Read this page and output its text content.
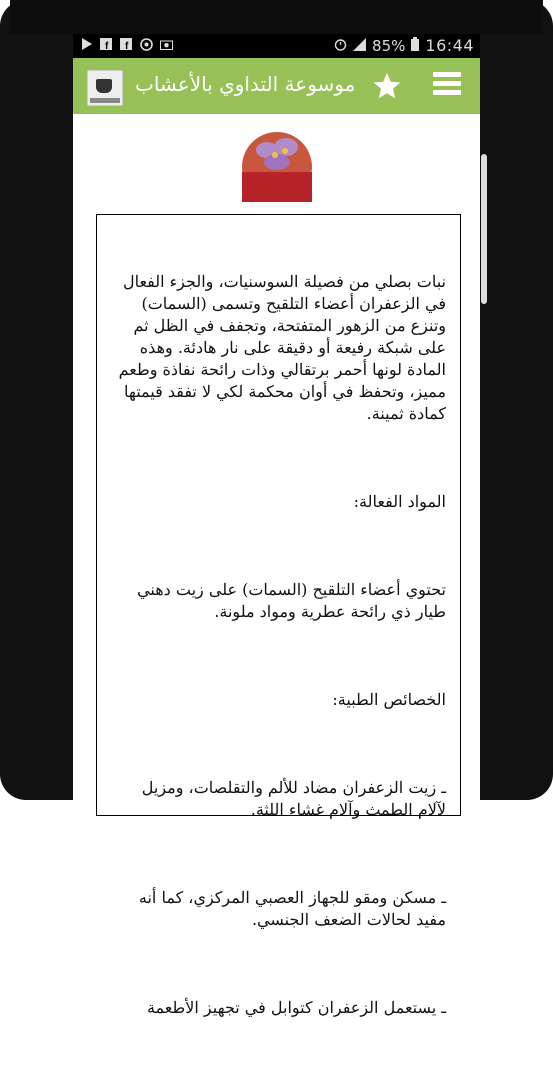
f f	85% 16:44
موسوعة التداوي بالأعشاب

نبات بصلي من فصيلة السوسنيات، والجزء الفعال في الزعفران أعضاء التلقيح وتسمى (السمات) وتنزع من الزهور المتفتحة، وتجفف في الظل ثم على شبكة رفيعة أو دقيقة على نار هادئة. وهذه المادة لونها أحمر برتقالي وذات رائحة نفاذة وطعم مميز، وتحفظ في أوان محكمة لكي لا تفقد قيمتها كمادة ثمينة.

المواد الفعالة:

تحتوي أعضاء التلقيح (السمات) على زيت دهني طيار ذي رائحة عطرية ومواد ملونة.

الخصائص الطبية:

ـ زيت الزعفران مضاد للألم والتقلصات، ومزيل لآلام الطمث وآلام غشاء اللثة.

ـ مسكن ومقو للجهاز العصبي المركزي، كما أنه مفيد لحالات الضعف الجنسي.

ـ يستعمل الزعفران كتوابل في تجهيز الأطعمة
